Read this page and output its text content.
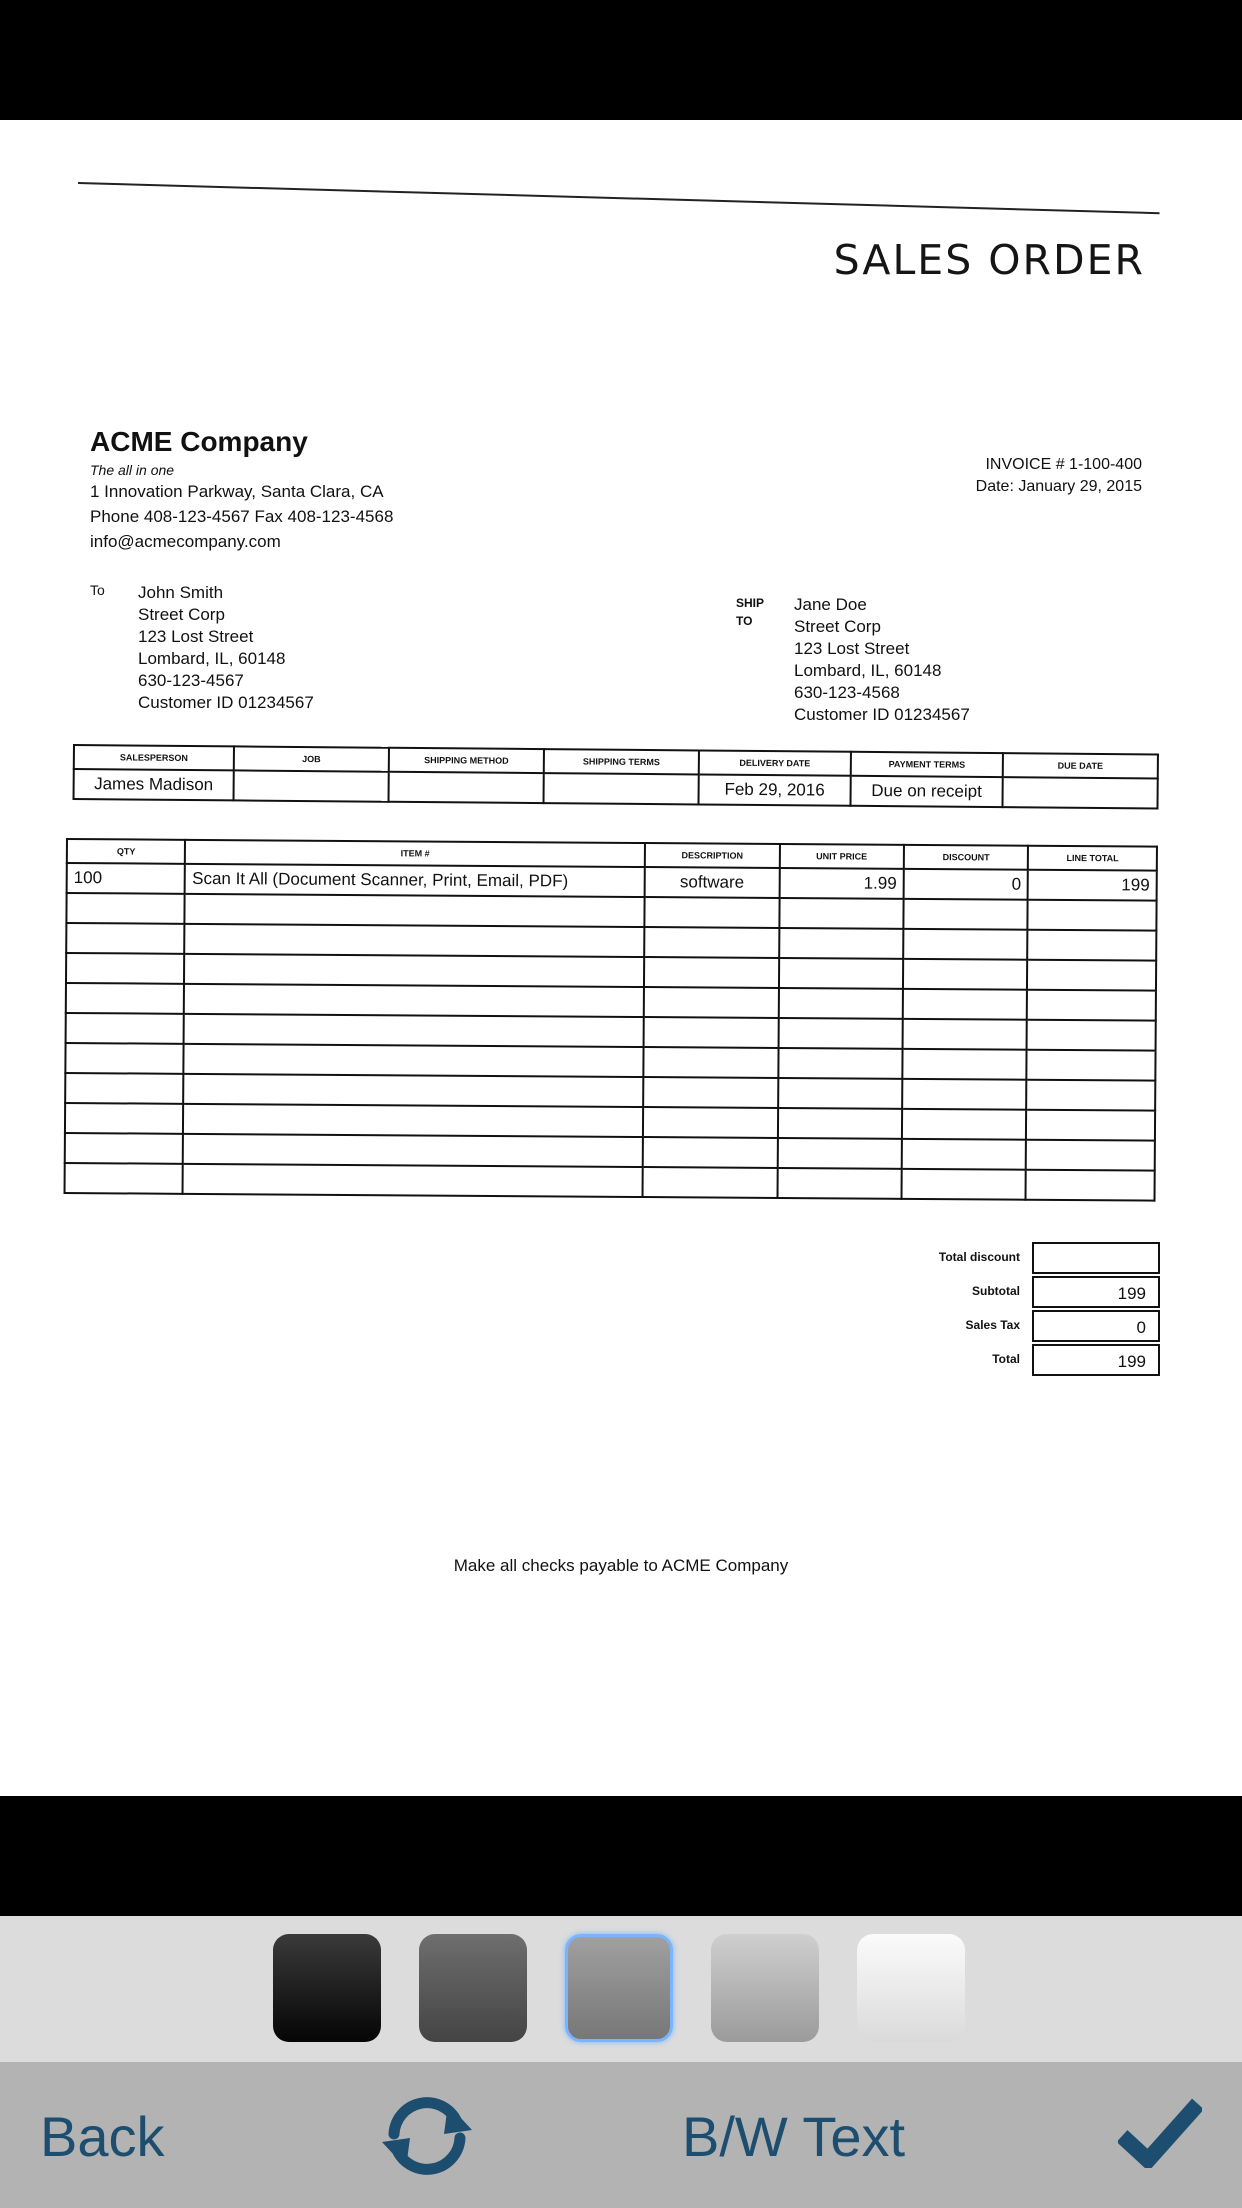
SALES ORDER
ACME Company
The all in one
1 Innovation Parkway, Santa Clara, CA
Phone 408-123-4567 Fax 408-123-4568
info@acmecompany.com
INVOICE # 1-100-400
Date: January 29, 2015
To John Smith
Street Corp
123 Lost Street
Lombard, IL, 60148
630-123-4567
Customer ID 01234567
SHIP
TO
Jane Doe
Street Corp
123 Lost Street
Lombard, IL, 60148
630-123-4568
Customer ID 01234567
SALESPERSON	JOB	SHIPPING METHOD	SHIPPING TERMS	DELIVERY DATE	PAYMENT TERMS	DUE DATE
James Madison				Feb 29, 2016	Due on receipt	
QTY	ITEM #	DESCRIPTION	UNIT PRICE	DISCOUNT	LINE TOTAL
100	Scan It All (Document Scanner, Print, Email, PDF)	software	1.99	0	199

Total discount
Subtotal	199
Sales Tax	0
Total	199
Make all checks payable to ACME Company
Back	B/W Text
